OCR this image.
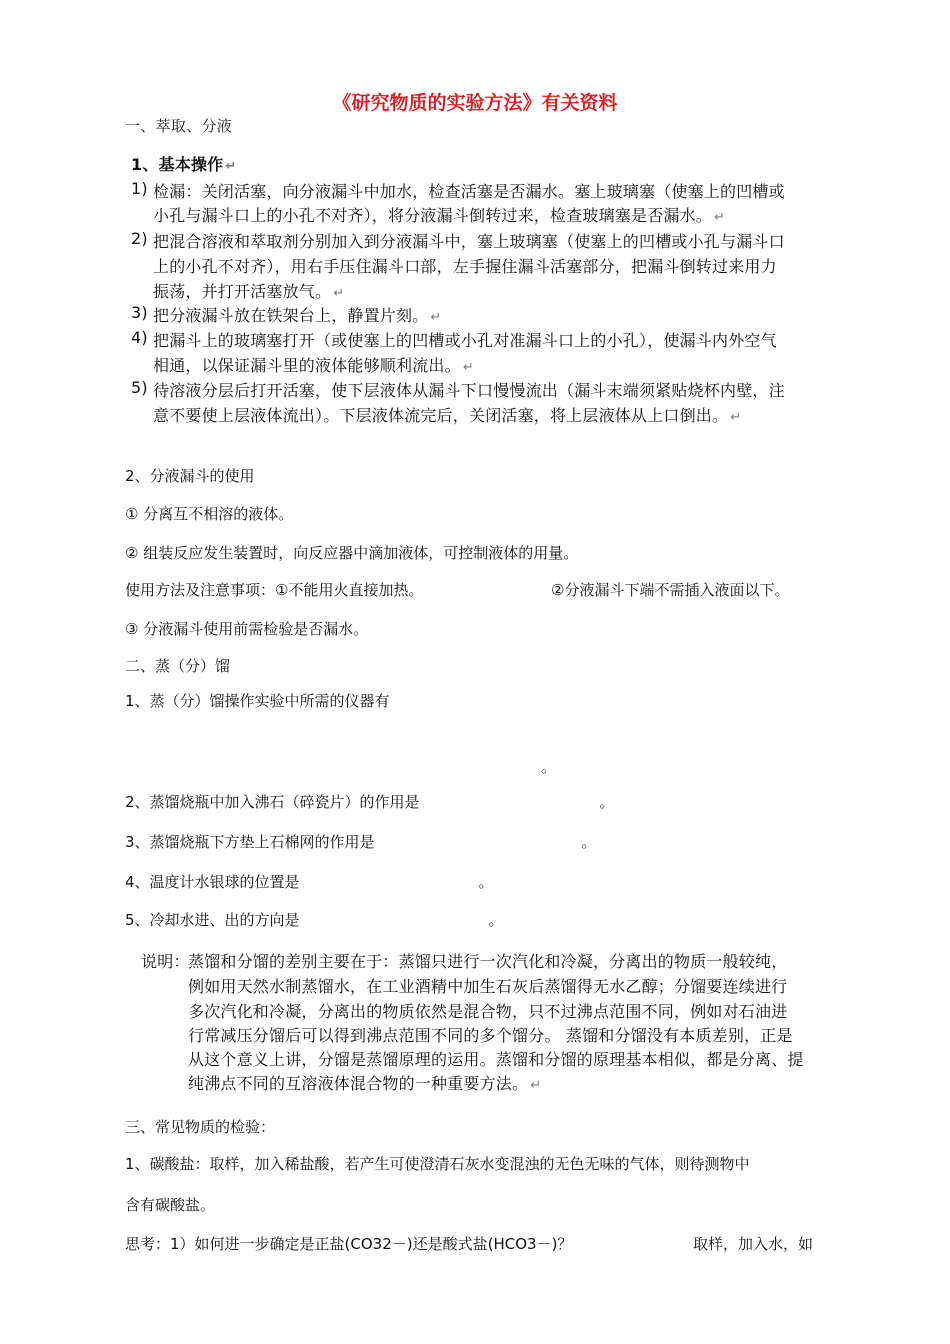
《研究物质的实验方法》有关资料
一、萃取、分液
1、基本操作 ↵
1) 检漏：关闭活塞，向分液漏斗中加水，检查活塞是否漏水。塞上玻璃塞（使塞上的凹槽或
小孔与漏斗口上的小孔不对齐），将分液漏斗倒转过来，检查玻璃塞是否漏水。 ↵
2) 把混合溶液和萃取剂分别加入到分液漏斗中，塞上玻璃塞（使塞上的凹槽或小孔与漏斗口
上的小孔不对齐），用右手压住漏斗口部，左手握住漏斗活塞部分，把漏斗倒转过来用力
振荡，并打开活塞放气。 ↵
3) 把分液漏斗放在铁架台上，静置片刻。 ↵
4) 把漏斗上的玻璃塞打开（或使塞上的凹槽或小孔对准漏斗口上的小孔），使漏斗内外空气
相通，以保证漏斗里的液体能够顺利流出。 ↵
5) 待溶液分层后打开活塞，使下层液体从漏斗下口慢慢流出（漏斗末端须紧贴烧杯内壁，注
意不要使上层液体流出）。下层液体流完后，关闭活塞，将上层液体从上口倒出。 ↵
2、分液漏斗的使用
① 分离互不相溶的液体。
② 组装反应发生装置时，向反应器中滴加液体，可控制液体的用量。
使用方法及注意事项：①不能用火直接加热。	②分液漏斗下端不需插入液面以下。
③ 分液漏斗使用前需检验是否漏水。
二、蒸（分）馏
1、蒸（分）馏操作实验中所需的仪器有
。
2、蒸馏烧瓶中加入沸石（碎瓷片）的作用是	。
3、蒸馏烧瓶下方垫上石棉网的作用是	。
4、温度计水银球的位置是	。
5、冷却水进、出的方向是	。
说明：
蒸馏和分馏的差别主要在于：蒸馏只进行一次汽化和冷凝，分离出的物质一般较纯，
例如用天然水制蒸馏水，在工业酒精中加生石灰后蒸馏得无水乙醇；分馏要连续进行
多次汽化和冷凝，分离出的物质依然是混合物，只不过沸点范围不同，例如对石油进
行常减压分馏后可以得到沸点范围不同的多个馏分。 蒸馏和分馏没有本质差别，正是
从这个意义上讲，分馏是蒸馏原理的运用。蒸馏和分馏的原理基本相似，都是分离、提
纯沸点不同的互溶液体混合物的一种重要方法。 ↵
三、常见物质的检验：
1、碳酸盐：取样，加入稀盐酸，若产生可使澄清石灰水变混浊的无色无味的气体，则待测物中
含有碳酸盐。
思考：1）如何进一步确定是正盐(CO32－)还是酸式盐(HCO3－)？	取样，加入水，如
